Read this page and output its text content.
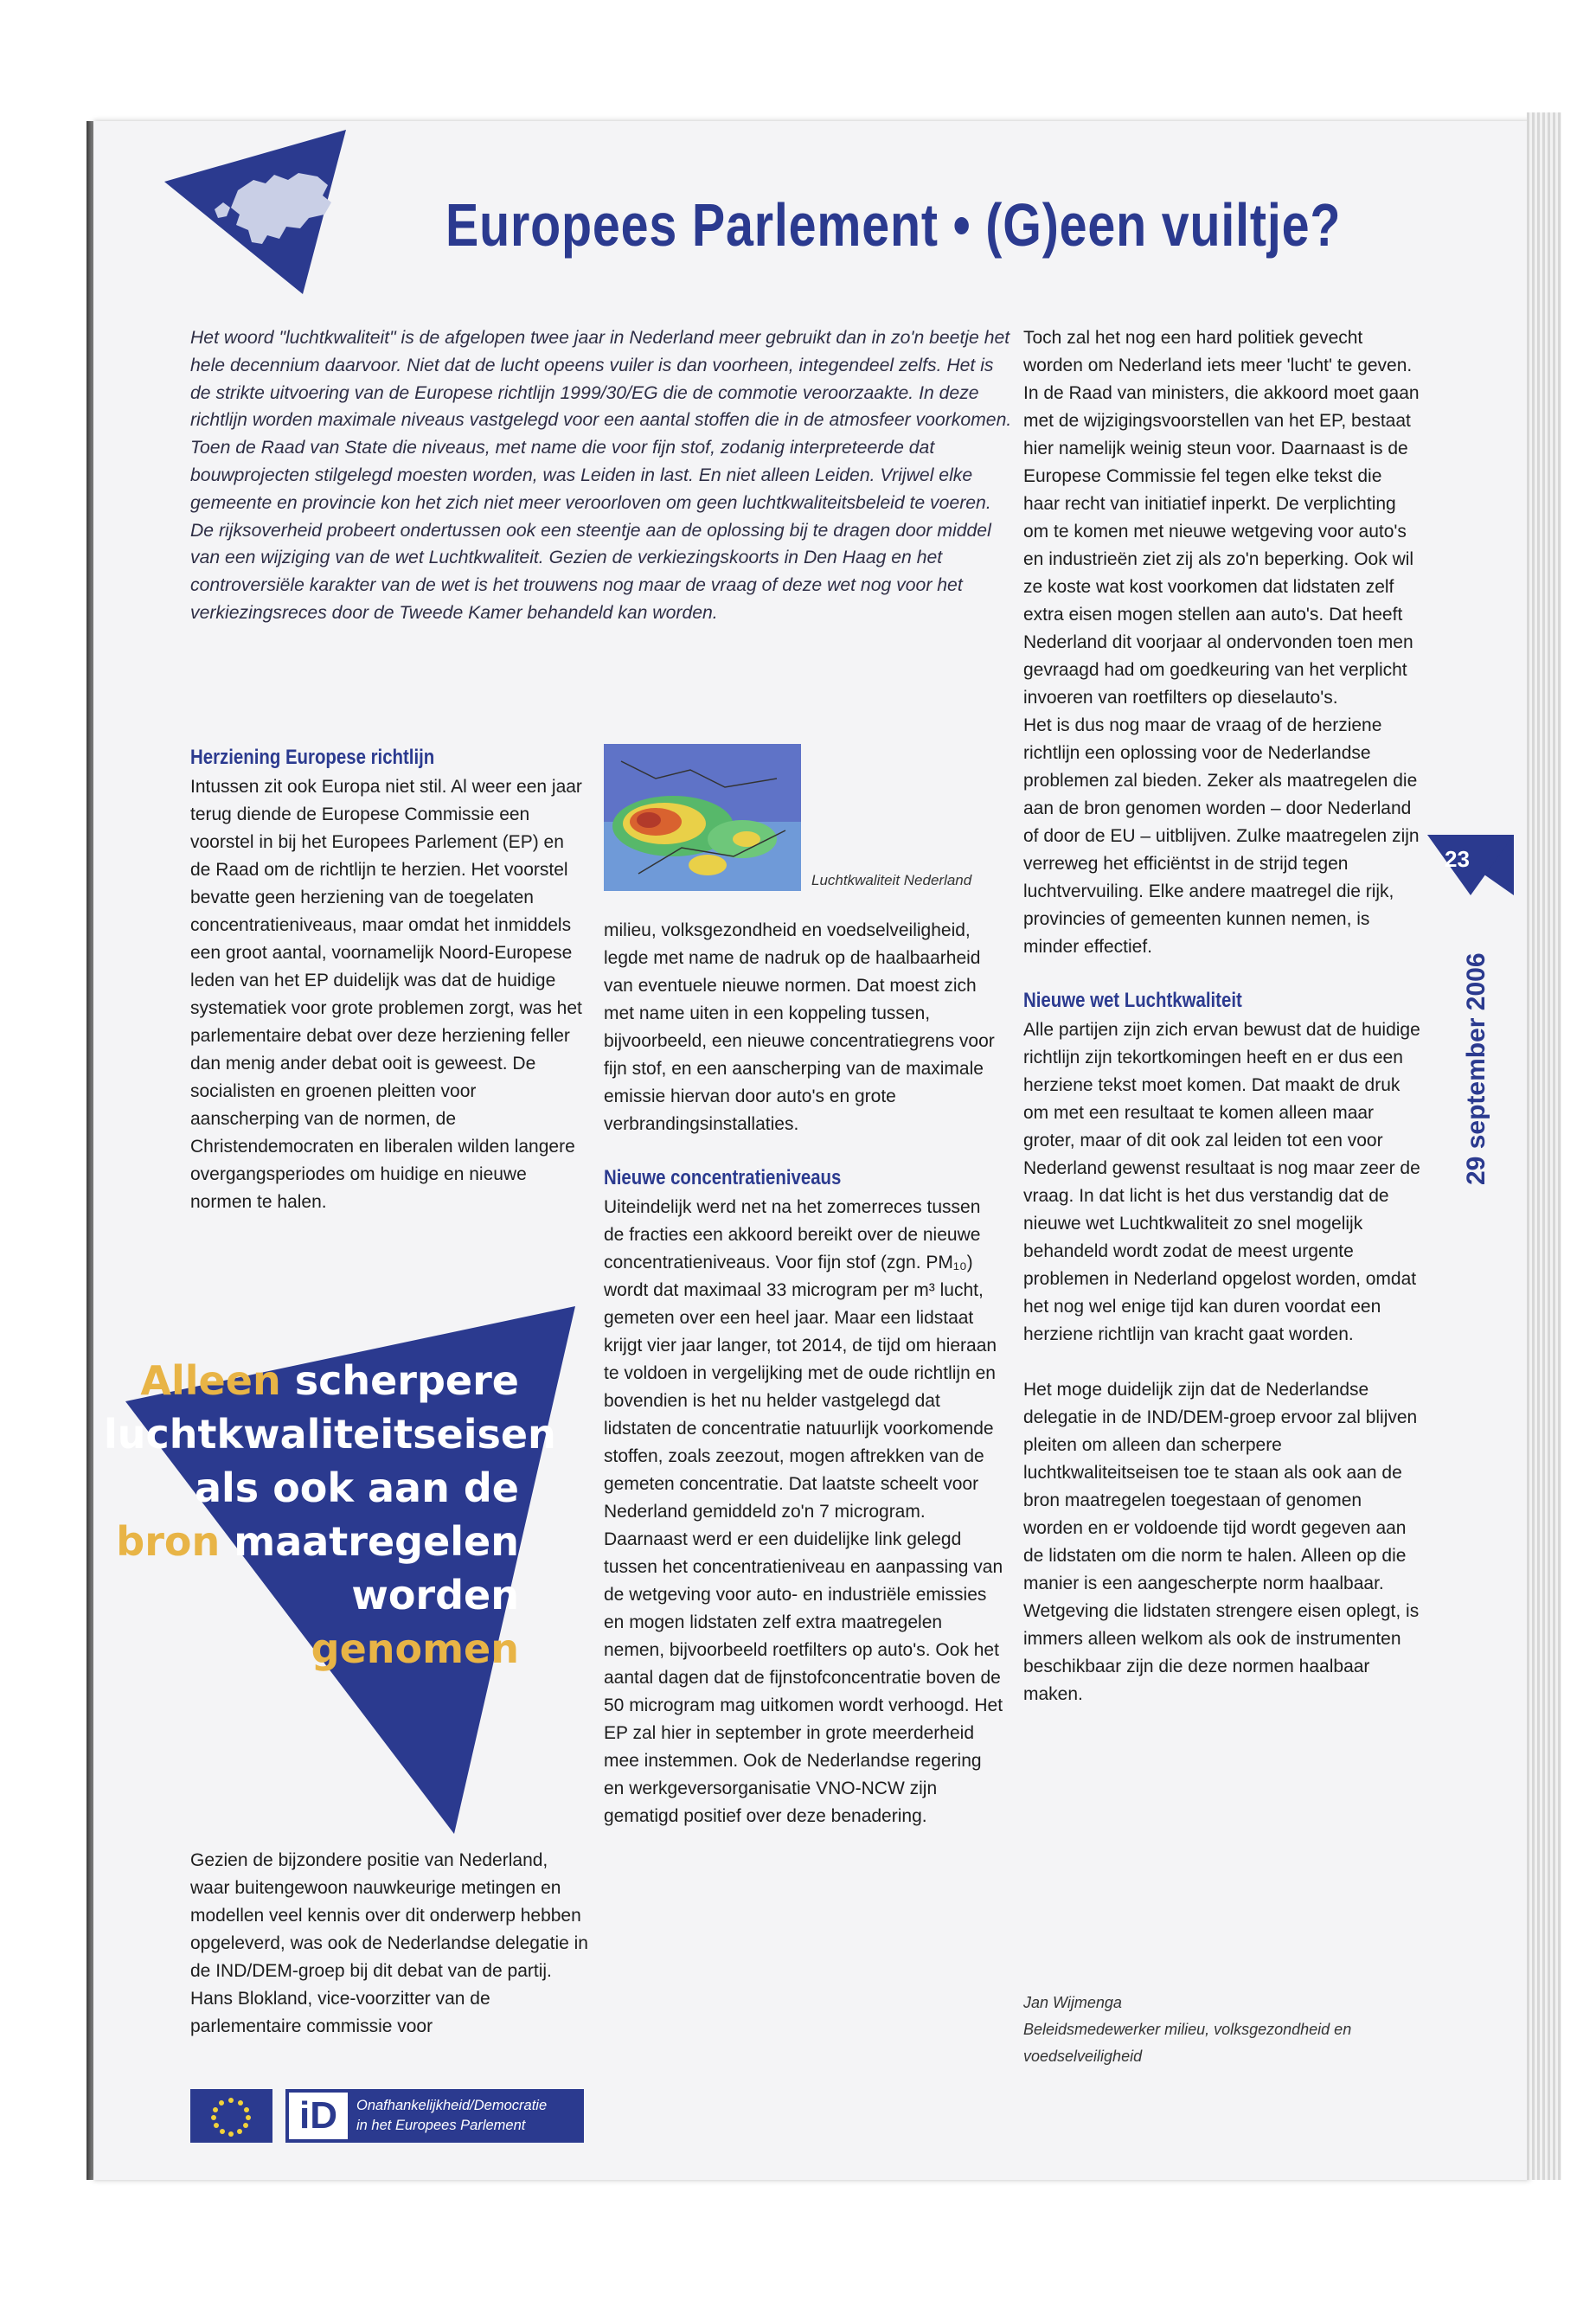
Europees Parlement • (G)een vuiltje?

Het woord "luchtkwaliteit" is de afgelopen twee jaar in Nederland meer gebruikt dan in zo'n beetje het hele decennium daarvoor. Niet dat de lucht opeens vuiler is dan voorheen, integendeel zelfs. Het is de strikte uitvoering van de Europese richtlijn 1999/30/EG die de commotie veroorzaakte. In deze richtlijn worden maximale niveaus vastgelegd voor een aantal stoffen die in de atmosfeer voorkomen. Toen de Raad van State die niveaus, met name die voor fijn stof, zodanig interpreteerde dat bouwprojecten stilgelegd moesten worden, was Leiden in last. En niet alleen Leiden. Vrijwel elke gemeente en provincie kon het zich niet meer veroorloven om geen luchtkwaliteitsbeleid te voeren. De rijksoverheid probeert ondertussen ook een steentje aan de oplossing bij te dragen door middel van een wijziging van de wet Luchtkwaliteit. Gezien de verkiezingskoorts in Den Haag en het controversiële karakter van de wet is het trouwens nog maar de vraag of deze wet nog voor het verkiezingsreces door de Tweede Kamer behandeld kan worden.

Herziening Europese richtlijn

Intussen zit ook Europa niet stil. Al weer een jaar terug diende de Europese Commissie een voorstel in bij het Europees Parlement (EP) en de Raad om de richtlijn te herzien. Het voorstel bevatte geen herziening van de toegelaten concentratieniveaus, maar omdat het inmiddels een groot aantal, voornamelijk Noord-Europese leden van het EP duidelijk was dat de huidige systematiek voor grote problemen zorgt, was het parlementaire debat over deze herziening feller dan menig ander debat ooit is geweest. De socialisten en groenen pleitten voor aanscherping van de normen, de Christendemocraten en liberalen wilden langere overgangsperiodes om huidige en nieuwe normen te halen.

Luchtkwaliteit Nederland

milieu, volksgezondheid en voedselveiligheid, legde met name de nadruk op de haalbaarheid van eventuele nieuwe normen. Dat moest zich met name uiten in een koppeling tussen, bijvoorbeeld, een nieuwe concentratiegrens voor fijn stof, en een aanscherping van de maximale emissie hiervan door auto's en grote verbrandingsinstallaties.

Nieuwe concentratieniveaus

Uiteindelijk werd net na het zomerreces tussen de fracties een akkoord bereikt over de nieuwe concentratieniveaus. Voor fijn stof (zgn. PM₁₀) wordt dat maximaal 33 microgram per m³ lucht, gemeten over een heel jaar. Maar een lidstaat krijgt vier jaar langer, tot 2014, de tijd om hieraan te voldoen in vergelijking met de oude richtlijn en bovendien is het nu helder vastgelegd dat lidstaten de concentratie natuurlijk voorkomende stoffen, zoals zeezout, mogen aftrekken van de gemeten concentratie. Dat laatste scheelt voor Nederland gemiddeld zo'n 7 microgram. Daarnaast werd er een duidelijke link gelegd tussen het concentratieniveau en aanpassing van de wetgeving voor auto- en industriële emissies en mogen lidstaten zelf extra maatregelen nemen, bijvoorbeeld roetfilters op auto's. Ook het aantal dagen dat de fijnstofconcentratie boven de 50 microgram mag uitkomen wordt verhoogd. Het EP zal hier in september in grote meerderheid mee instemmen. Ook de Nederlandse regering en werkgeversorganisatie VNO-NCW zijn gematigd positief over deze benadering.

Toch zal het nog een hard politiek gevecht worden om Nederland iets meer 'lucht' te geven. In de Raad van ministers, die akkoord moet gaan met de wijzigingsvoorstellen van het EP, bestaat hier namelijk weinig steun voor. Daarnaast is de Europese Commissie fel tegen elke tekst die haar recht van initiatief inperkt. De verplichting om te komen met nieuwe wetgeving voor auto's en industrieën ziet zij als zo'n beperking. Ook wil ze koste wat kost voorkomen dat lidstaten zelf extra eisen mogen stellen aan auto's. Dat heeft Nederland dit voorjaar al ondervonden toen men gevraagd had om goedkeuring van het verplicht invoeren van roetfilters op dieselauto's.

Het is dus nog maar de vraag of de herziene richtlijn een oplossing voor de Nederlandse problemen zal bieden. Zeker als maatregelen die aan de bron genomen worden – door Nederland of door de EU – uitblijven. Zulke maatregelen zijn verreweg het efficiëntst in de strijd tegen luchtvervuiling. Elke andere maatregel die rijk, provincies of gemeenten kunnen nemen, is minder effectief.

Nieuwe wet Luchtkwaliteit

Alle partijen zijn zich ervan bewust dat de huidige richtlijn zijn tekortkomingen heeft en er dus een herziene tekst moet komen. Dat maakt de druk om met een resultaat te komen alleen maar groter, maar of dit ook zal leiden tot een voor Nederland gewenst resultaat is nog maar zeer de vraag. In dat licht is het dus verstandig dat de nieuwe wet Luchtkwaliteit zo snel mogelijk behandeld wordt zodat de meest urgente problemen in Nederland opgelost worden, omdat het nog wel enige tijd kan duren voordat een herziene richtlijn van kracht gaat worden.

Het moge duidelijk zijn dat de Nederlandse delegatie in de IND/DEM-groep ervoor zal blijven pleiten om alleen dan scherpere luchtkwaliteitseisen toe te staan als ook aan de bron maatregelen toegestaan of genomen worden en er voldoende tijd wordt gegeven aan de lidstaten om die norm te halen. Alleen op die manier is een aangescherpte norm haalbaar. Wetgeving die lidstaten strengere eisen oplegt, is immers alleen welkom als ook de instrumenten beschikbaar zijn die deze normen haalbaar maken.

Alleen scherpere
luchtkwaliteitseisen
als ook aan de
bron maatregelen
worden
genomen

Gezien de bijzondere positie van Nederland, waar buitengewoon nauwkeurige metingen en modellen veel kennis over dit onderwerp hebben opgeleverd, was ook de Nederlandse delegatie in de IND/DEM-groep bij dit debat van de partij. Hans Blokland, vice-voorzitter van de parlementaire commissie voor

23
29 september 2006

Jan Wijmenga
Beleidsmedewerker milieu, volksgezondheid en voedselveiligheid

iD	Onafhankelijkheid/Democratie
in het Europees Parlement
